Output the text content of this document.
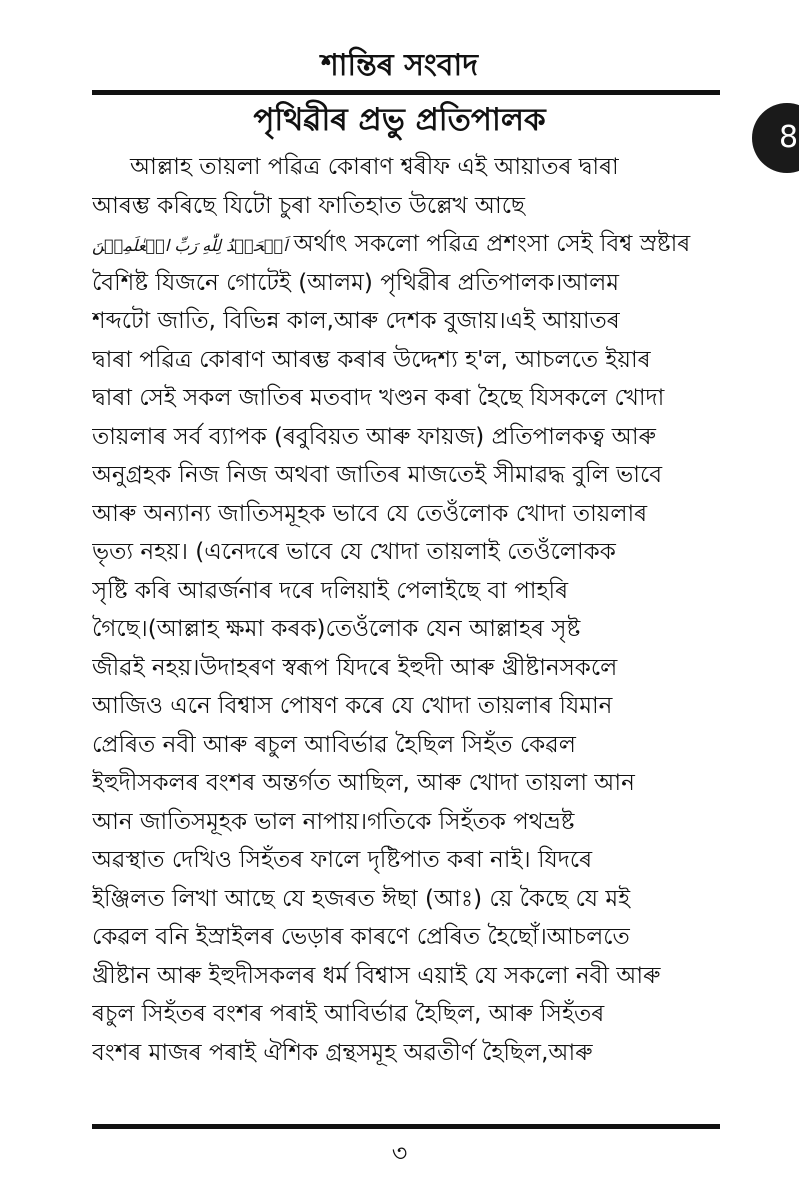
শান্তিৰ সংবাদ
পৃথিৱীৰ প্ৰভু প্ৰতিপালক	8
আল্লাহ তায়লা পৱিত্ৰ কোৰাণ শ্বৰীফ এই আয়াতৰ দ্বাৰা
আৰম্ভ কৰিছে যিটো চুৰা ফাতিহাত উল্লেখ আছে
اَلۡحَمۡدُ لِلّٰهِ رَبِّ الۡعٰلَمِيۡنَ অৰ্থাৎ সকলো পৱিত্ৰ প্ৰশংসা সেই বিশ্ব স্ৰষ্টাৰ
বৈশিষ্ট যিজনে গোটেই (আলম) পৃথিৱীৰ প্ৰতিপালক।আলম
শব্দটো জাতি, বিভিন্ন কাল,আৰু দেশক বুজায়।এই আয়াতৰ
দ্বাৰা পৱিত্ৰ কোৰাণ আৰম্ভ কৰাৰ উদ্দেশ্য হ'ল, আচলতে ইয়াৰ
দ্বাৰা সেই সকল জাতিৰ মতবাদ খণ্ডন কৰা হৈছে যিসকলে খোদা
তায়লাৰ সৰ্ব ব্যাপক (ৰবুবিয়ত আৰু ফায়জ) প্ৰতিপালকত্ব আৰু
অনুগ্ৰহক নিজ নিজ অথবা জাতিৰ মাজতেই সীমাৱদ্ধ বুলি ভাবে
আৰু অন্যান্য জাতিসমূহক ভাবে যে তেওঁলোক খোদা তায়লাৰ
ভৃত্য নহয়। (এনেদৰে ভাবে যে খোদা তায়লাই তেওঁলোকক
সৃষ্টি কৰি আৱৰ্জনাৰ দৰে দলিয়াই পেলাইছে বা পাহৰি
গৈছে।(আল্লাহ ক্ষমা কৰক)তেওঁলোক যেন আল্লাহৰ সৃষ্ট
জীৱই নহয়।উদাহৰণ স্বৰূপ যিদৰে ইহুদী আৰু খ্ৰীষ্টানসকলে
আজিও এনে বিশ্বাস পোষণ কৰে যে খোদা তায়লাৰ যিমান
প্ৰেৰিত নবী আৰু ৰচুল আবিৰ্ভাৱ হৈছিল সিহঁত কেৱল
ইহুদীসকলৰ বংশৰ অন্তৰ্গত আছিল, আৰু খোদা তায়লা আন
আন জাতিসমূহক ভাল নাপায়।গতিকে সিহঁতক পথভ্ৰষ্ট
অৱস্থাত দেখিও সিহঁতৰ ফালে দৃষ্টিপাত কৰা নাই। যিদৰে
ইঞ্জিলত লিখা আছে যে হজৰত ঈছা (আঃ) য়ে কৈছে যে মই
কেৱল বনি ইস্ৰাইলৰ ভেড়াৰ কাৰণে প্ৰেৰিত হৈছোঁ।আচলতে
খ্ৰীষ্টান আৰু ইহুদীসকলৰ ধৰ্ম বিশ্বাস এয়াই যে সকলো নবী আৰু
ৰচুল সিহঁতৰ বংশৰ পৰাই আবিৰ্ভাৱ হৈছিল, আৰু সিহঁতৰ
বংশৰ মাজৰ পৰাই ঐশিক গ্ৰন্থসমূহ অৱতীৰ্ণ হৈছিল,আৰু
৩
